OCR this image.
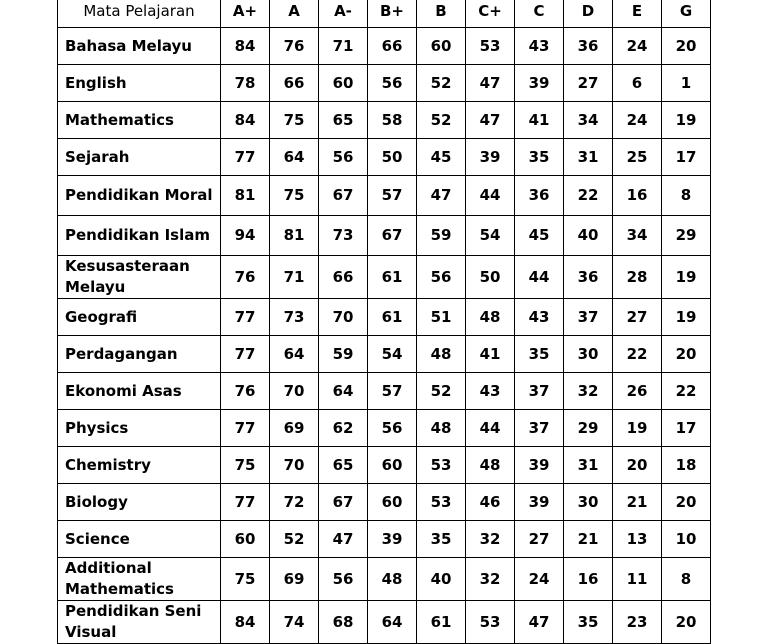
Mata Pelajaran	A+	A	A-	B+	B	C+	C	D	E	G
Bahasa Melayu	84	76	71	66	60	53	43	36	24	20
English	78	66	60	56	52	47	39	27	6	1
Mathematics	84	75	65	58	52	47	41	34	24	19
Sejarah	77	64	56	50	45	39	35	31	25	17
Pendidikan Moral	81	75	67	57	47	44	36	22	16	8
Pendidikan Islam	94	81	73	67	59	54	45	40	34	29
Kesusasteraan Melayu	76	71	66	61	56	50	44	36	28	19
Geografi	77	73	70	61	51	48	43	37	27	19
Perdagangan	77	64	59	54	48	41	35	30	22	20
Ekonomi Asas	76	70	64	57	52	43	37	32	26	22
Physics	77	69	62	56	48	44	37	29	19	17
Chemistry	75	70	65	60	53	48	39	31	20	18
Biology	77	72	67	60	53	46	39	30	21	20
Science	60	52	47	39	35	32	27	21	13	10
Additional Mathematics	75	69	56	48	40	32	24	16	11	8
Pendidikan Seni Visual	84	74	68	64	61	53	47	35	23	20
